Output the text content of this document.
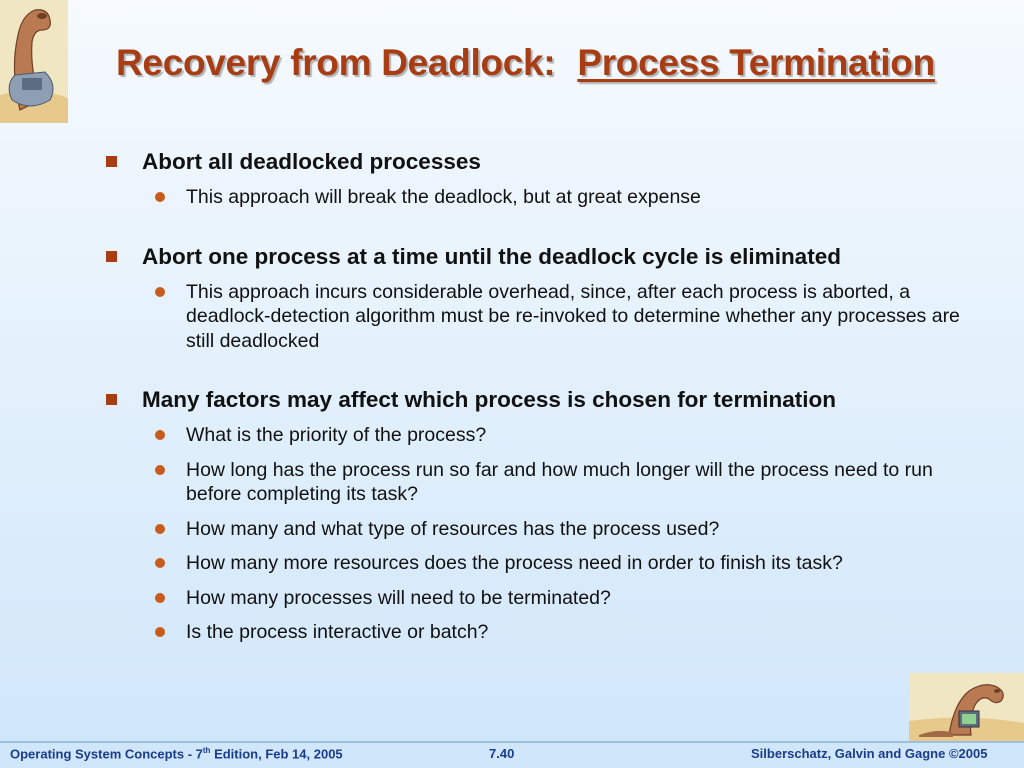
Recovery from Deadlock: Process Termination
Abort all deadlocked processes
This approach will break the deadlock, but at great expense
Abort one process at a time until the deadlock cycle is eliminated
This approach incurs considerable overhead, since, after each process is aborted, a deadlock-detection algorithm must be re-invoked to determine whether any processes are still deadlocked
Many factors may affect which process is chosen for termination
What is the priority of the process?
How long has the process run so far and how much longer will the process need to run before completing its task?
How many and what type of resources has the process used?
How many more resources does the process need in order to finish its task?
How many processes will need to be terminated?
Is the process interactive or batch?
Operating System Concepts - 7th Edition, Feb 14, 2005	7.40	Silberschatz, Galvin and Gagne ©2005
